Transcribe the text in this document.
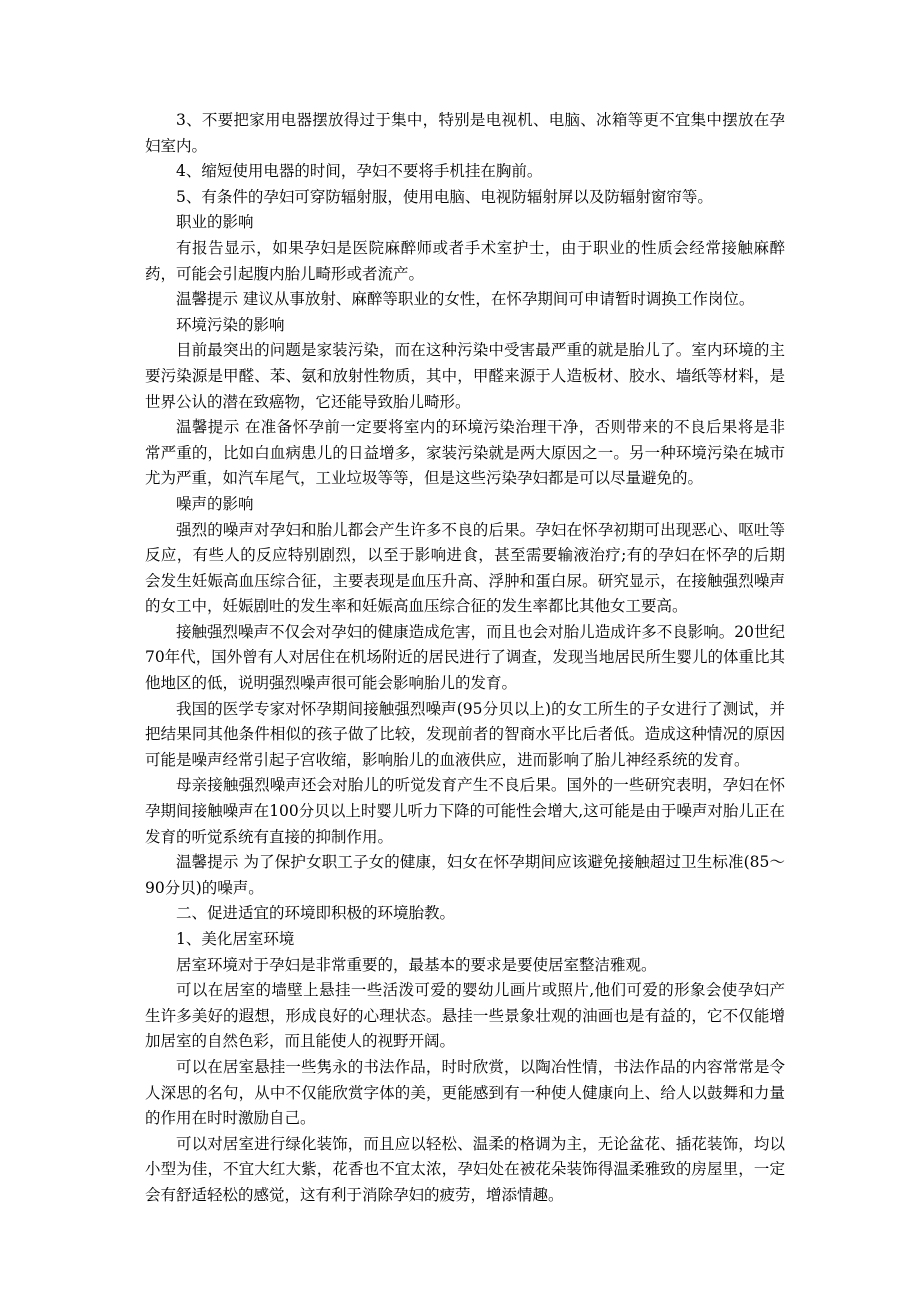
3、不要把家用电器摆放得过于集中，特别是电视机、电脑、冰箱等更不宜集中摆放在孕妇室内。

4、缩短使用电器的时间，孕妇不要将手机挂在胸前。

5、有条件的孕妇可穿防辐射服，使用电脑、电视防辐射屏以及防辐射窗帘等。

职业的影响

有报告显示，如果孕妇是医院麻醉师或者手术室护士，由于职业的性质会经常接触麻醉药，可能会引起腹内胎儿畸形或者流产。

温馨提示 建议从事放射、麻醉等职业的女性，在怀孕期间可申请暂时调换工作岗位。

环境污染的影响

目前最突出的问题是家装污染，而在这种污染中受害最严重的就是胎儿了。室内环境的主要污染源是甲醛、苯、氨和放射性物质，其中，甲醛来源于人造板材、胶水、墙纸等材料，是世界公认的潜在致癌物，它还能导致胎儿畸形。

温馨提示 在准备怀孕前一定要将室内的环境污染治理干净，否则带来的不良后果将是非常严重的，比如白血病患儿的日益增多，家装污染就是两大原因之一。另一种环境污染在城市尤为严重，如汽车尾气，工业垃圾等等，但是这些污染孕妇都是可以尽量避免的。

噪声的影响

强烈的噪声对孕妇和胎儿都会产生许多不良的后果。孕妇在怀孕初期可出现恶心、呕吐等反应，有些人的反应特别剧烈，以至于影响进食，甚至需要输液治疗;有的孕妇在怀孕的后期会发生妊娠高血压综合征，主要表现是血压升高、浮肿和蛋白尿。研究显示，在接触强烈噪声的女工中，妊娠剧吐的发生率和妊娠高血压综合征的发生率都比其他女工要高。

接触强烈噪声不仅会对孕妇的健康造成危害，而且也会对胎儿造成许多不良影响。20世纪70年代，国外曾有人对居住在机场附近的居民进行了调查，发现当地居民所生婴儿的体重比其他地区的低，说明强烈噪声很可能会影响胎儿的发育。

我国的医学专家对怀孕期间接触强烈噪声(95分贝以上)的女工所生的子女进行了测试，并把结果同其他条件相似的孩子做了比较，发现前者的智商水平比后者低。造成这种情况的原因可能是噪声经常引起子宫收缩，影响胎儿的血液供应，进而影响了胎儿神经系统的发育。

母亲接触强烈噪声还会对胎儿的听觉发育产生不良后果。国外的一些研究表明，孕妇在怀孕期间接触噪声在100分贝以上时婴儿听力下降的可能性会增大,这可能是由于噪声对胎儿正在发育的听觉系统有直接的抑制作用。

温馨提示 为了保护女职工子女的健康，妇女在怀孕期间应该避免接触超过卫生标准(85～90分贝)的噪声。

二、促进适宜的环境即积极的环境胎教。

1、美化居室环境

居室环境对于孕妇是非常重要的，最基本的要求是要使居室整洁雅观。

可以在居室的墙壁上悬挂一些活泼可爱的婴幼儿画片或照片,他们可爱的形象会使孕妇产生许多美好的遐想，形成良好的心理状态。悬挂一些景象壮观的油画也是有益的，它不仅能增加居室的自然色彩，而且能使人的视野开阔。

可以在居室悬挂一些隽永的书法作品，时时欣赏，以陶冶性情，书法作品的内容常常是令人深思的名句，从中不仅能欣赏字体的美，更能感到有一种使人健康向上、给人以鼓舞和力量的作用在时时激励自己。

可以对居室进行绿化装饰，而且应以轻松、温柔的格调为主，无论盆花、插花装饰，均以小型为佳，不宜大红大紫，花香也不宜太浓，孕妇处在被花朵装饰得温柔雅致的房屋里，一定会有舒适轻松的感觉，这有利于消除孕妇的疲劳，增添情趣。
